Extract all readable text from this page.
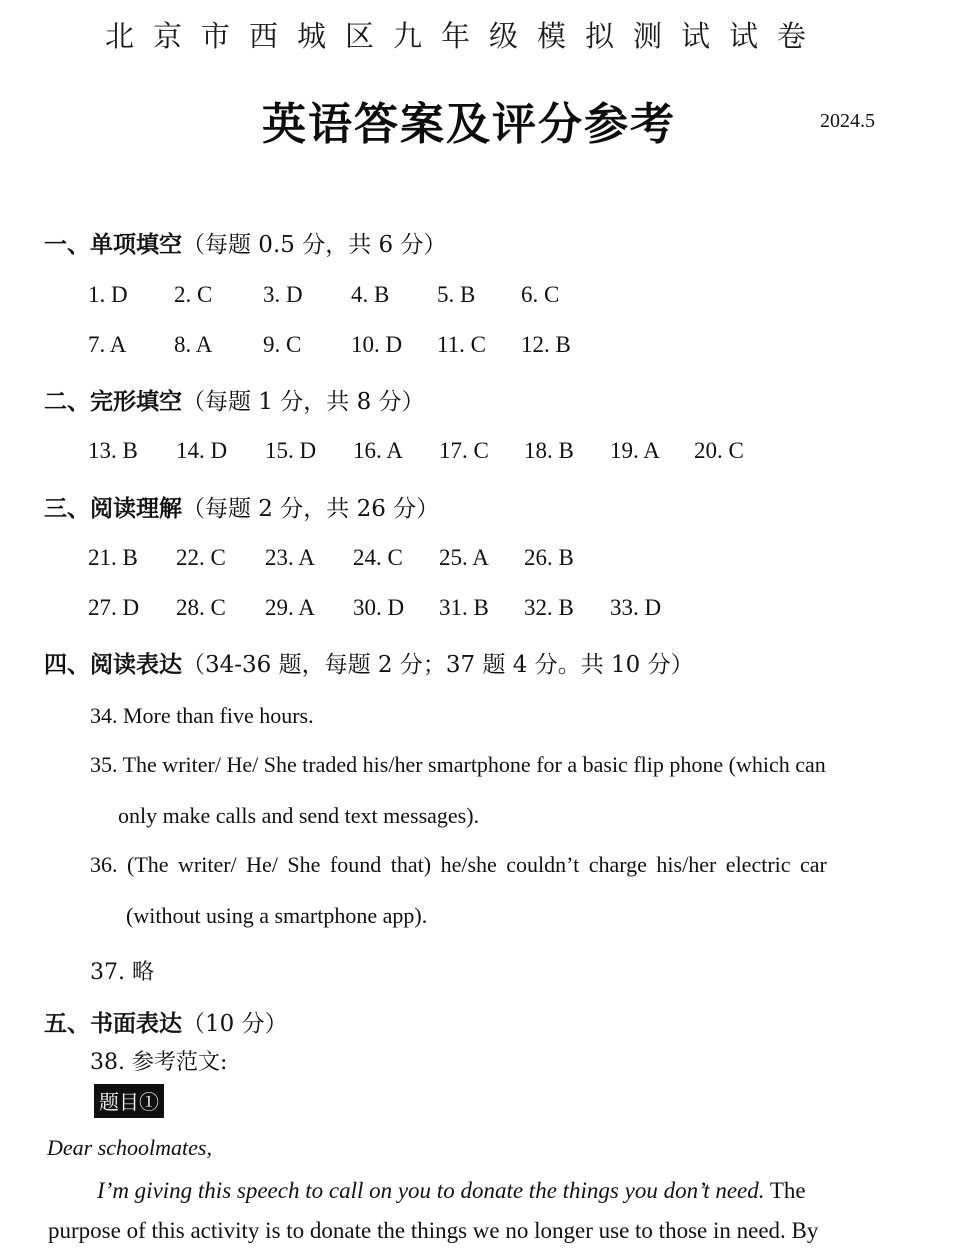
北京市西城区九年级模拟测试试卷
英语答案及评分参考	2024.5
一、单项填空（每题 0.5 分，共 6 分）
1. D 2. C 3. D 4. B 5. B 6. C
7. A 8. A 9. C 10. D 11. C 12. B
二、完形填空（每题 1 分，共 8 分）
13. B 14. D 15. D 16. A 17. C 18. B 19. A 20. C
三、阅读理解（每题 2 分，共 26 分）
21. B 22. C 23. A 24. C 25. A 26. B
27. D 28. C 29. A 30. D 31. B 32. B 33. D
四、阅读表达（34-36 题，每题 2 分；37 题 4 分。共 10 分）
34. More than five hours.
35. The writer/ He/ She traded his/her smartphone for a basic flip phone (which can
only make calls and send text messages).
36. (The writer/ He/ She found that) he/she couldn’t charge his/her electric car
(without using a smartphone app).
37. 略
五、书面表达（10 分）
38. 参考范文:
题目①
Dear schoolmates,
I’m giving this speech to call on you to donate the things you don’t need. The
purpose of this activity is to donate the things we no longer use to those in need. By
